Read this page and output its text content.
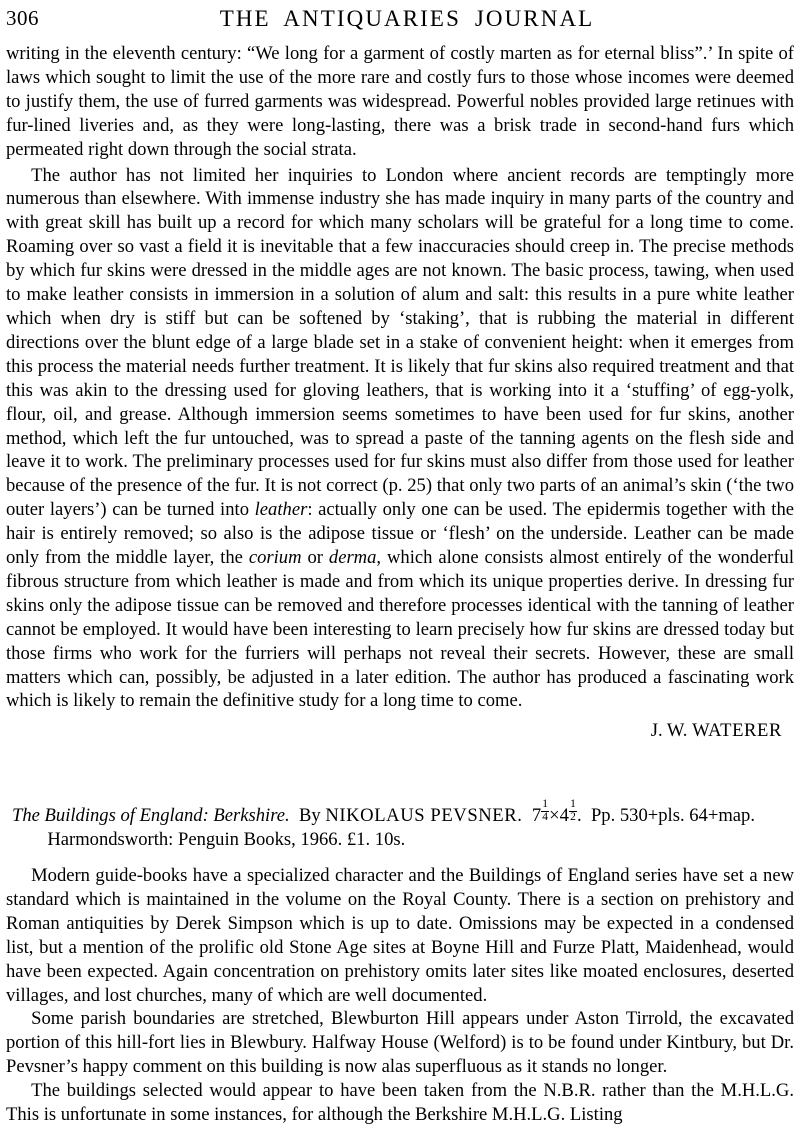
306	THE ANTIQUARIES JOURNAL

writing in the eleventh century: “We long for a garment of costly marten as for eternal bliss”.’ In spite of laws which sought to limit the use of the more rare and costly furs to those whose incomes were deemed to justify them, the use of furred garments was widespread. Powerful nobles provided large retinues with fur-lined liveries and, as they were long-lasting, there was a brisk trade in second-hand furs which permeated right down through the social strata.

The author has not limited her inquiries to London where ancient records are temptingly more numerous than elsewhere. With immense industry she has made inquiry in many parts of the country and with great skill has built up a record for which many scholars will be grateful for a long time to come. Roaming over so vast a field it is inevitable that a few inaccuracies should creep in. The precise methods by which fur skins were dressed in the middle ages are not known. The basic process, tawing, when used to make leather consists in immersion in a solution of alum and salt: this results in a pure white leather which when dry is stiff but can be softened by ‘staking’, that is rubbing the material in different directions over the blunt edge of a large blade set in a stake of convenient height: when it emerges from this process the material needs further treatment. It is likely that fur skins also required treatment and that this was akin to the dressing used for gloving leathers, that is working into it a ‘stuffing’ of egg-yolk, flour, oil, and grease. Although immersion seems sometimes to have been used for fur skins, another method, which left the fur untouched, was to spread a paste of the tanning agents on the flesh side and leave it to work. The preliminary processes used for fur skins must also differ from those used for leather because of the presence of the fur. It is not correct (p. 25) that only two parts of an animal’s skin (‘the two outer layers’) can be turned into leather: actually only one can be used. The epidermis together with the hair is entirely removed; so also is the adipose tissue or ‘flesh’ on the underside. Leather can be made only from the middle layer, the corium or derma, which alone consists almost entirely of the wonderful fibrous structure from which leather is made and from which its unique properties derive. In dressing fur skins only the adipose tissue can be removed and therefore processes identical with the tanning of leather cannot be employed. It would have been interesting to learn precisely how fur skins are dressed today but those firms who work for the furriers will perhaps not reveal their secrets. However, these are small matters which can, possibly, be adjusted in a later edition. The author has produced a fascinating work which is likely to remain the definitive study for a long time to come.

J. W. WATERER

The Buildings of England: Berkshire. By NIKOLAUS PEVSNER. $7 \frac{1}{4} \times 4 \frac{1}{2}$ . Pp. 530+pls. 64+map.
Harmondsworth: Penguin Books, 1966. £1. 10s.

Modern guide-books have a specialized character and the Buildings of England series have set a new standard which is maintained in the volume on the Royal County. There is a section on prehistory and Roman antiquities by Derek Simpson which is up to date. Omissions may be expected in a condensed list, but a mention of the prolific old Stone Age sites at Boyne Hill and Furze Platt, Maidenhead, would have been expected. Again concentration on prehistory omits later sites like moated enclosures, deserted villages, and lost churches, many of which are well documented.

Some parish boundaries are stretched, Blewburton Hill appears under Aston Tirrold, the excavated portion of this hill-fort lies in Blewbury. Halfway House (Welford) is to be found under Kintbury, but Dr. Pevsner’s happy comment on this building is now alas superfluous as it stands no longer.

The buildings selected would appear to have been taken from the N.B.R. rather than the M.H.L.G. This is unfortunate in some instances, for although the Berkshire M.H.L.G. Listing
